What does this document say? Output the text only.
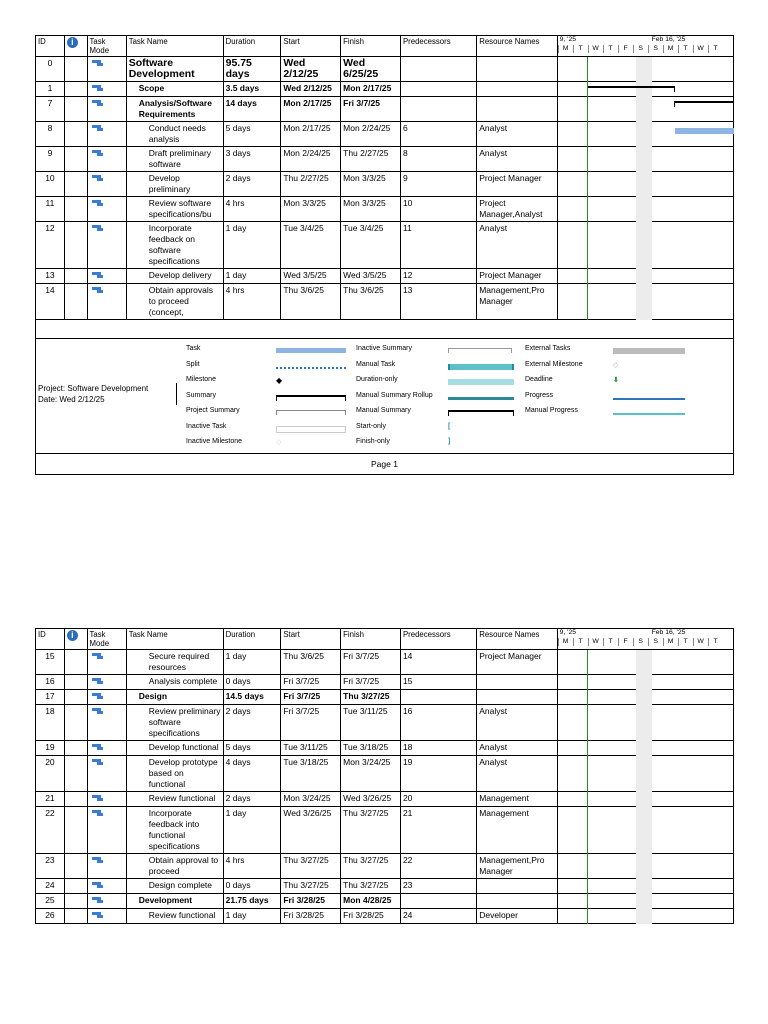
ID	i	Task Mode	Task Name	Duration	Start	Finish	Predecessors	Resource Names	9, '25 Feb 16, '25
M T W T F S S M T W T

0			Software Development	95.75 days	Wed 2/12/25	Wed 6/25/25			
1			Scope	3.5 days	Wed 2/12/25	Mon 2/17/25			
7			Analysis/Software Requirements	14 days	Mon 2/17/25	Fri 3/7/25			
8			Conduct needs analysis	5 days	Mon 2/17/25	Mon 2/24/25	6	Analyst	
9			Draft preliminary software	3 days	Mon 2/24/25	Thu 2/27/25	8	Analyst	
10			Develop preliminary	2 days	Thu 2/27/25	Mon 3/3/25	9	Project Manager	
11			Review software specifications/bu	4 hrs	Mon 3/3/25	Mon 3/3/25	10	Project Manager,Analyst	
12			Incorporate feedback on software specifications	1 day	Tue 3/4/25	Tue 3/4/25	11	Analyst	
13			Develop delivery	1 day	Wed 3/5/25	Wed 3/5/25	12	Project Manager	
14			Obtain approvals to proceed (concept,	4 hrs	Thu 3/6/25	Thu 3/6/25	13	Management,Pro Manager	

Project: Software Development
Date: Wed 2/12/25
Task
Split
Milestone	◆
Summary
Project Summary
Inactive Task
Inactive Milestone	◇
Inactive Summary
Manual Task
Duration-only
Manual Summary Rollup
Manual Summary
Start-only	[
Finish-only	]
External Tasks
External Milestone	◇
Deadline	⬇
Progress
Manual Progress
Page 1
ID	i	Task Mode	Task Name	Duration	Start	Finish	Predecessors	Resource Names	9, '25 Feb 16, '25
M T W T F S S M T W T

15			Secure required resources	1 day	Thu 3/6/25	Fri 3/7/25	14	Project Manager	
16			Analysis complete	0 days	Fri 3/7/25	Fri 3/7/25	15		
17			Design	14.5 days	Fri 3/7/25	Thu 3/27/25			
18			Review preliminary software specifications	2 days	Fri 3/7/25	Tue 3/11/25	16	Analyst	
19			Develop functional	5 days	Tue 3/11/25	Tue 3/18/25	18	Analyst	
20			Develop prototype based on functional	4 days	Tue 3/18/25	Mon 3/24/25	19	Analyst	
21			Review functional	2 days	Mon 3/24/25	Wed 3/26/25	20	Management	
22			Incorporate feedback into functional specifications	1 day	Wed 3/26/25	Thu 3/27/25	21	Management	
23			Obtain approval to proceed	4 hrs	Thu 3/27/25	Thu 3/27/25	22	Management,Pro Manager	
24			Design complete	0 days	Thu 3/27/25	Thu 3/27/25	23		
25			Development	21.75 days	Fri 3/28/25	Mon 4/28/25			
26			Review functional	1 day	Fri 3/28/25	Fri 3/28/25	24	Developer	
